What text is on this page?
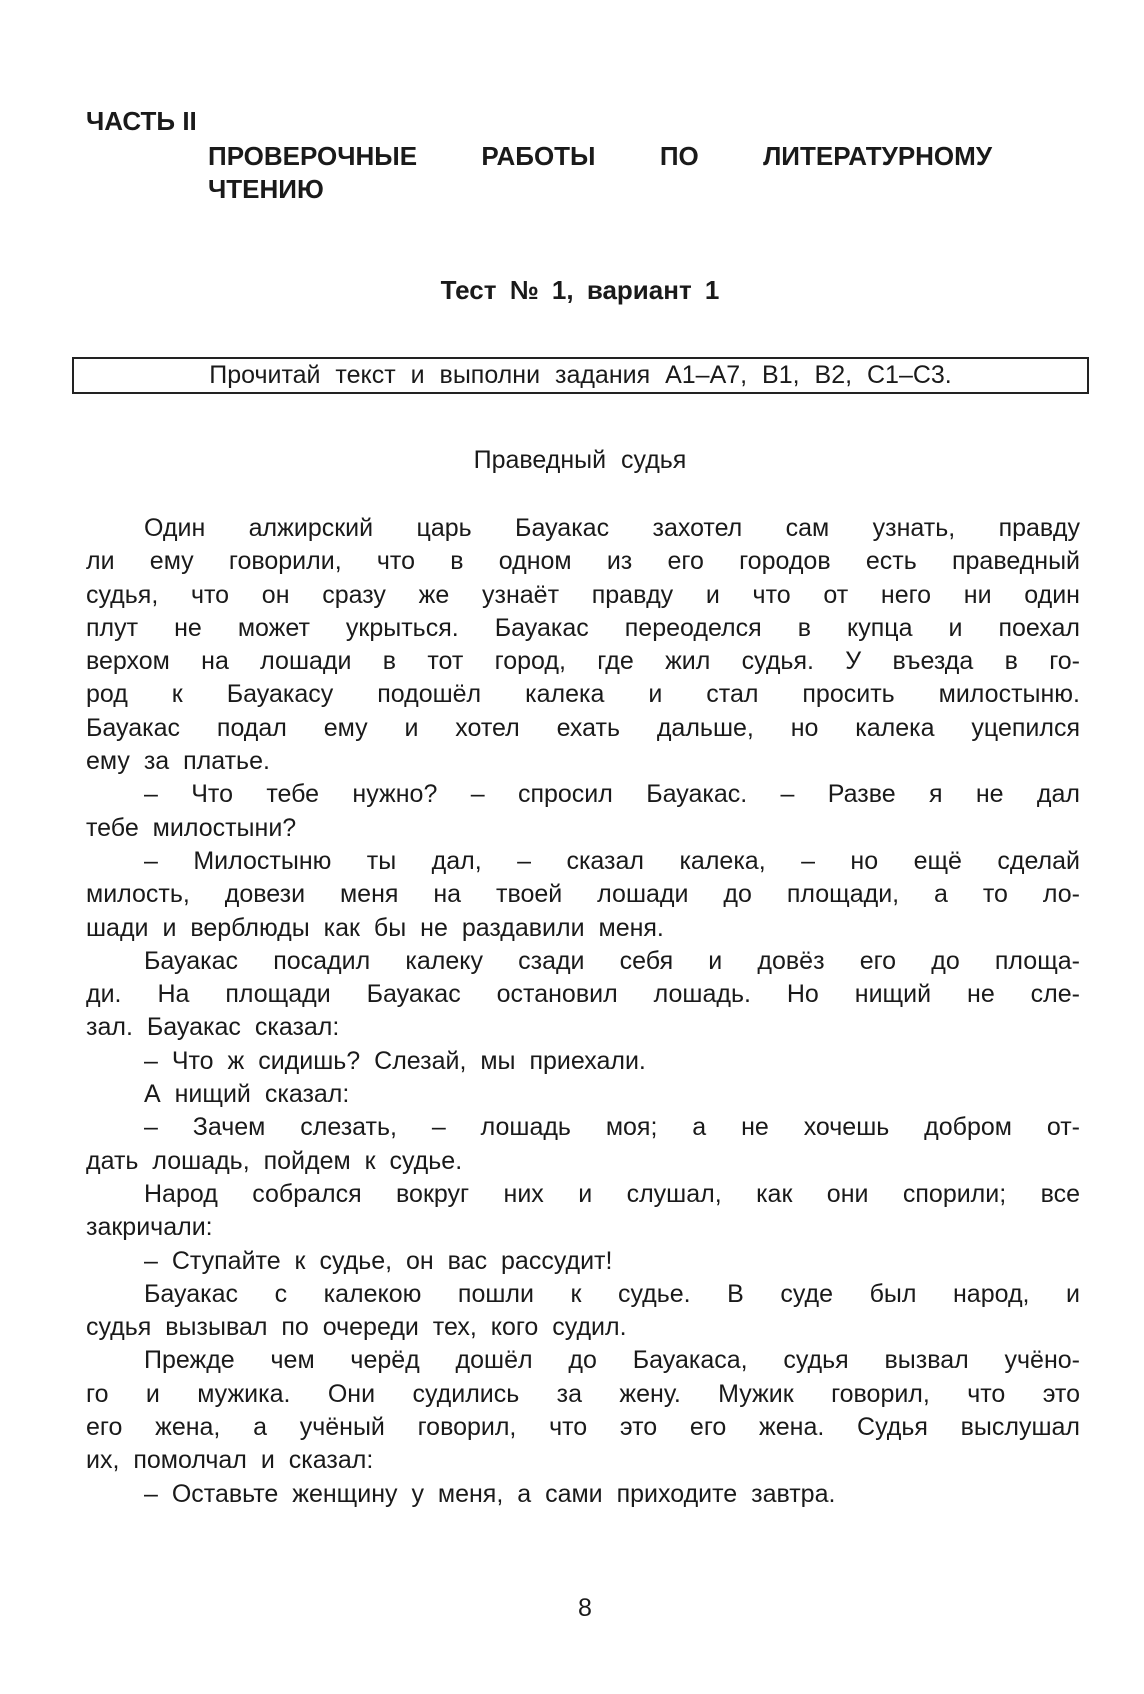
ЧАСТЬ II
ПРОВЕРОЧНЫЕ РАБОТЫ ПО ЛИТЕРАТУРНОМУ
ЧТЕНИЮ
Тест № 1, вариант 1
Прочитай текст и выполни задания А1–А7, В1, В2, С1–С3.
Праведный судья
Один алжирский царь Бауакас захотел сам узнать, правду
ли ему говорили, что в одном из его городов есть праведный
судья, что он сразу же узнаёт правду и что от него ни один
плут не может укрыться. Бауакас переоделся в купца и поехал
верхом на лошади в тот город, где жил судья. У въезда в го-
род к Бауакасу подошёл калека и стал просить милостыню.
Бауакас подал ему и хотел ехать дальше, но калека уцепился
ему за платье.
– Что тебе нужно? – спросил Бауакас. – Разве я не дал
тебе милостыни?
– Милостыню ты дал, – сказал калека, – но ещё сделай
милость, довези меня на твоей лошади до площади, а то ло-
шади и верблюды как бы не раздавили меня.
Бауакас посадил калеку сзади себя и довёз его до площа-
ди. На площади Бауакас остановил лошадь. Но нищий не сле-
зал. Бауакас сказал:
– Что ж сидишь? Слезай, мы приехали.
А нищий сказал:
– Зачем слезать, – лошадь моя; а не хочешь добром от-
дать лошадь, пойдем к судье.
Народ собрался вокруг них и слушал, как они спорили; все
закричали:
– Ступайте к судье, он вас рассудит!
Бауакас с калекою пошли к судье. В суде был народ, и
судья вызывал по очереди тех, кого судил.
Прежде чем черёд дошёл до Бауакаса, судья вызвал учёно-
го и мужика. Они судились за жену. Мужик говорил, что это
его жена, а учёный говорил, что это его жена. Судья выслушал
их, помолчал и сказал:
– Оставьте женщину у меня, а сами приходите завтра.
8
